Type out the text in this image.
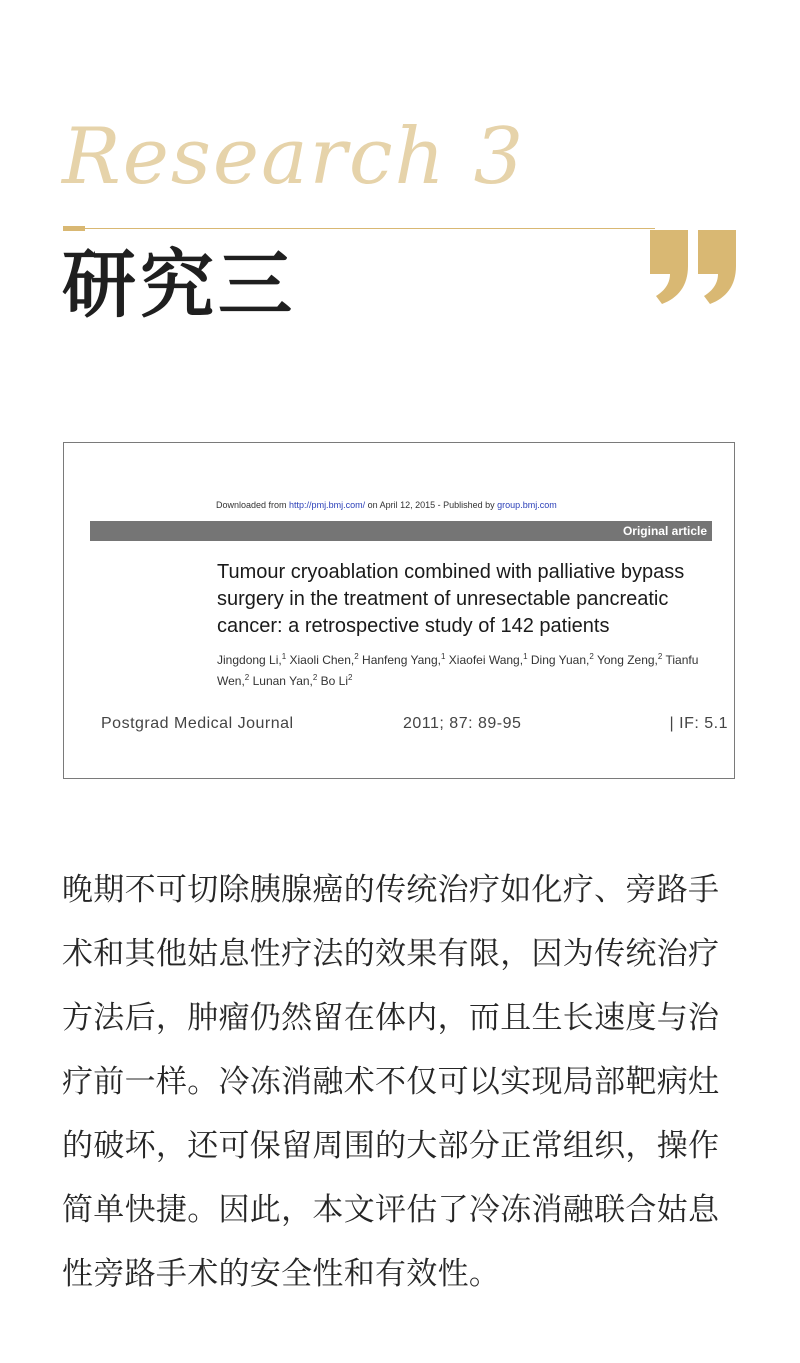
Research 3
研究三
Downloaded from http://pmj.bmj.com/ on April 12, 2015 - Published by group.bmj.com
Original article
Tumour cryoablation combined with palliative bypass surgery in the treatment of unresectable pancreatic cancer: a retrospective study of 142 patients
Jingdong Li,$^1$ Xiaoli Chen,$^2$ Hanfeng Yang,$^1$ Xiaofei Wang,$^1$ Ding Yuan,$^2$ Yong Zeng,$^2$ Tianfu Wen,$^2$ Lunan Yan,$^2$ Bo Li$^2$
Postgrad Medical Journal	2011; 87: 89-95	| IF: 5.1
晚期不可切除胰腺癌的传统治疗如化疗、旁路手术和其他姑息性疗法的效果有限，因为传统治疗方法后，肿瘤仍然留在体内，而且生长速度与治疗前一样。冷冻消融术不仅可以实现局部靶病灶的破坏，还可保留周围的大部分正常组织，操作简单快捷。因此，本文评估了冷冻消融联合姑息性旁路手术的安全性和有效性。
